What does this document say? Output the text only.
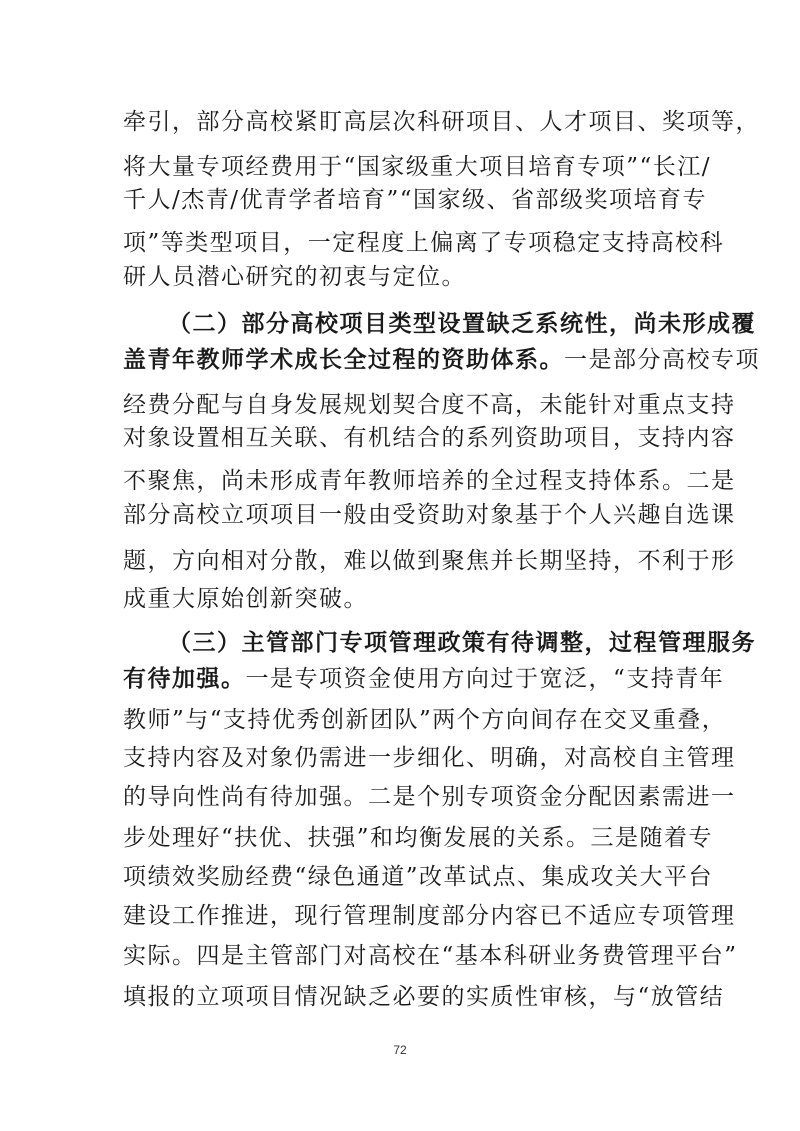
牵引，部分高校紧盯高层次科研项目、人才项目、奖项等，
将大量专项经费用于“国家级重大项目培育专项”“长江/
千人/杰青/优青学者培育”“国家级、省部级奖项培育专
项”等类型项目，一定程度上偏离了专项稳定支持高校科
研人员潜心研究的初衷与定位。
（二）部分高校项目类型设置缺乏系统性，尚未形成覆
盖青年教师学术成长全过程的资助体系。一是部分高校专项
经费分配与自身发展规划契合度不高，未能针对重点支持
对象设置相互关联、有机结合的系列资助项目，支持内容
不聚焦，尚未形成青年教师培养的全过程支持体系。二是
部分高校立项项目一般由受资助对象基于个人兴趣自选课
题，方向相对分散，难以做到聚焦并长期坚持，不利于形
成重大原始创新突破。
（三）主管部门专项管理政策有待调整，过程管理服务
有待加强。一是专项资金使用方向过于宽泛，“支持青年
教师”与“支持优秀创新团队”两个方向间存在交叉重叠，
支持内容及对象仍需进一步细化、明确，对高校自主管理
的导向性尚有待加强。二是个别专项资金分配因素需进一
步处理好“扶优、扶强”和均衡发展的关系。三是随着专
项绩效奖励经费“绿色通道”改革试点、集成攻关大平台
建设工作推进，现行管理制度部分内容已不适应专项管理
实际。四是主管部门对高校在“基本科研业务费管理平台”
填报的立项项目情况缺乏必要的实质性审核，与“放管结
72
